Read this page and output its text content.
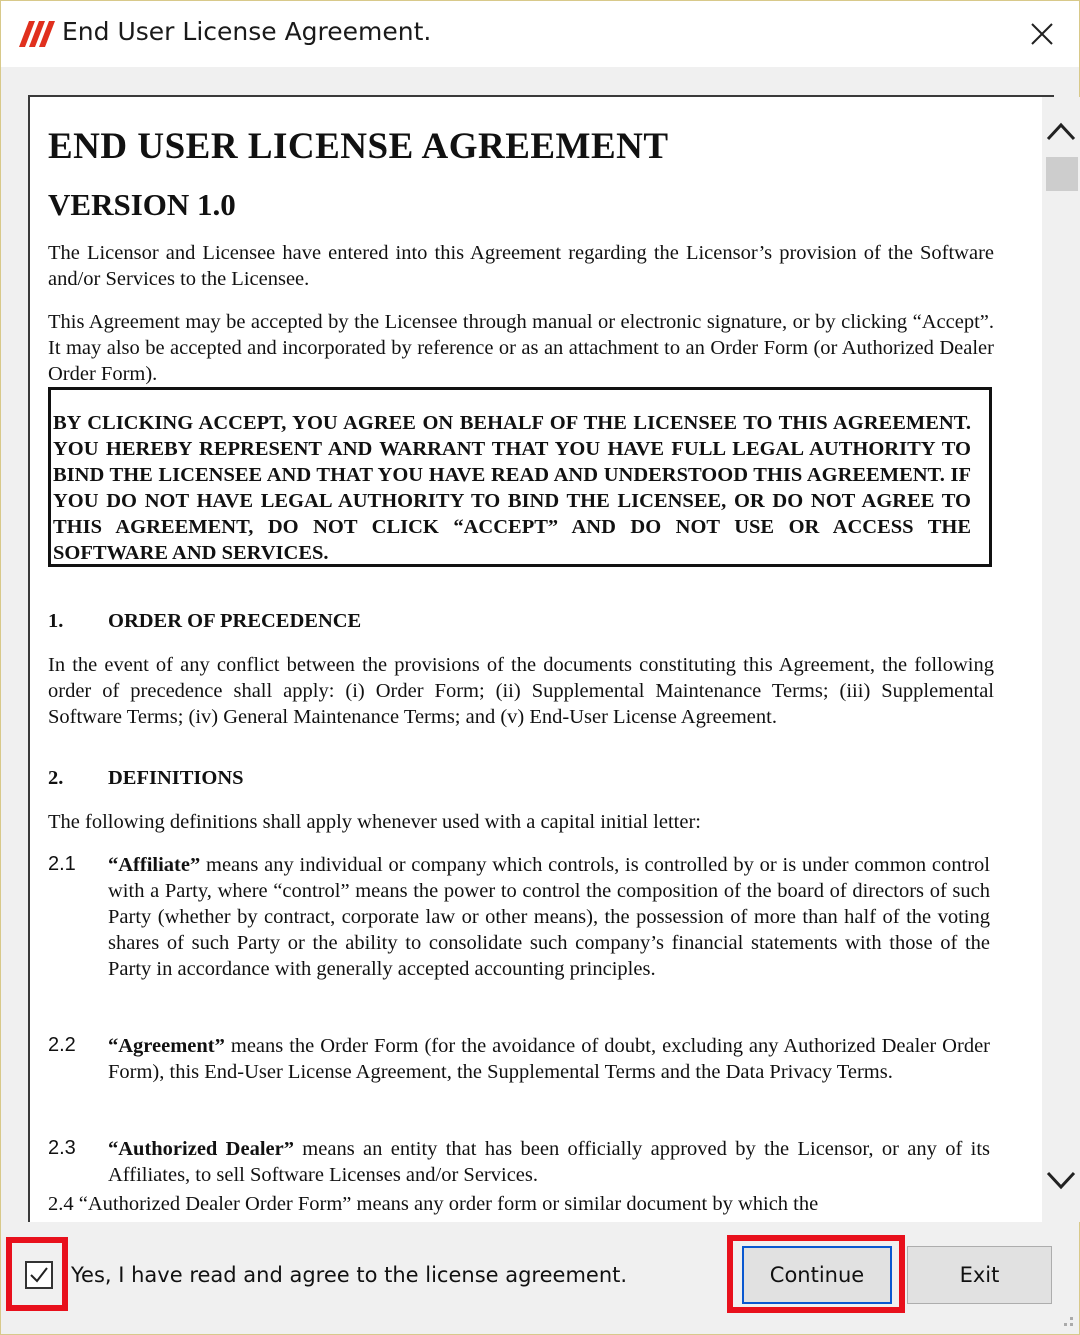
End User License Agreement.
END USER LICENSE AGREEMENT
VERSION 1.0
The Licensor and Licensee have entered into this Agreement regarding the Licensor’s provision of the Software and/or Services to the Licensee.
This Agreement may be accepted by the Licensee through manual or electronic signature, or by clicking “Accept”. It may also be accepted and incorporated by reference or as an attachment to an Order Form (or Authorized Dealer Order Form).
BY CLICKING ACCEPT, YOU AGREE ON BEHALF OF THE LICENSEE TO THIS AGREEMENT. YOU HEREBY REPRESENT AND WARRANT THAT YOU HAVE FULL LEGAL AUTHORITY TO BIND THE LICENSEE AND THAT YOU HAVE READ AND UNDERSTOOD THIS AGREEMENT. IF YOU DO NOT HAVE LEGAL AUTHORITY TO BIND THE LICENSEE, OR DO NOT AGREE TO THIS AGREEMENT, DO NOT CLICK “ACCEPT” AND DO NOT USE OR ACCESS THE SOFTWARE AND SERVICES.
1. ORDER OF PRECEDENCE
In the event of any conflict between the provisions of the documents constituting this Agreement, the following order of precedence shall apply: (i) Order Form; (ii) Supplemental Maintenance Terms; (iii) Supplemental Software Terms; (iv) General Maintenance Terms; and (v) End-User License Agreement.
2. DEFINITIONS
The following definitions shall apply whenever used with a capital initial letter:
2.1 “Affiliate” means any individual or company which controls, is controlled by or is under common control with a Party, where “control” means the power to control the composition of the board of directors of such Party (whether by contract, corporate law or other means), the possession of more than half of the voting shares of such Party or the ability to consolidate such company’s financial statements with those of the Party in accordance with generally accepted accounting principles.
2.2 “Agreement” means the Order Form (for the avoidance of doubt, excluding any Authorized Dealer Order Form), this End-User License Agreement, the Supplemental Terms and the Data Privacy Terms.
2.3 “Authorized Dealer” means an entity that has been officially approved by the Licensor, or any of its Affiliates, to sell Software Licenses and/or Services.
2.4 “Authorized Dealer Order Form” means any order form or similar document by which the
Yes, I have read and agree to the license agreement.	Continue	Exit
